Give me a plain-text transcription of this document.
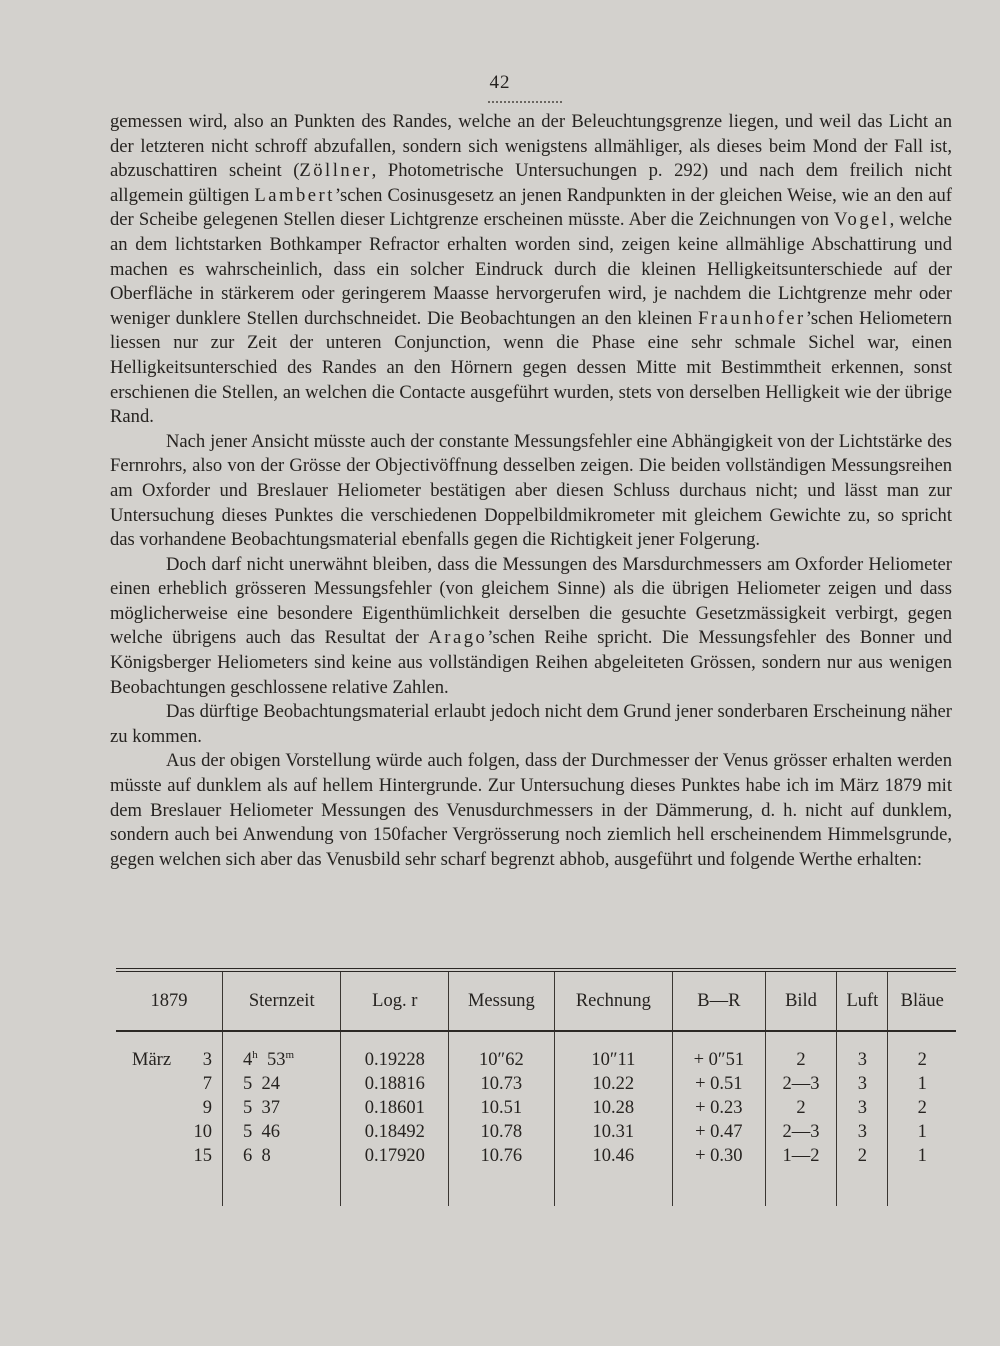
42

gemessen wird, also an Punkten des Randes, welche an der Beleuchtungsgrenze liegen, und weil das Licht an der letzteren nicht schroff abzufallen, sondern sich wenigstens allmähliger, als dieses beim Mond der Fall ist, abzuschattiren scheint (Zöllner, Photometrische Untersuchungen p. 292) und nach dem freilich nicht allgemein gültigen Lambert’schen Cosinusgesetz an jenen Randpunkten in der gleichen Weise, wie an den auf der Scheibe gelegenen Stellen dieser Lichtgrenze erscheinen müsste. Aber die Zeichnungen von Vogel, welche an dem lichtstarken Bothkamper Refractor erhalten worden sind, zeigen keine allmählige Abschattirung und machen es wahrscheinlich, dass ein solcher Eindruck durch die kleinen Helligkeitsunterschiede auf der Oberfläche in stärkerem oder geringerem Maasse hervorgerufen wird, je nachdem die Lichtgrenze mehr oder weniger dunklere Stellen durchschneidet. Die Beobachtungen an den kleinen Fraunhofer’schen Heliometern liessen nur zur Zeit der unteren Conjunction, wenn die Phase eine sehr schmale Sichel war, einen Helligkeitsunterschied des Randes an den Hörnern gegen dessen Mitte mit Bestimmtheit erkennen, sonst erschienen die Stellen, an welchen die Contacte ausgeführt wurden, stets von derselben Helligkeit wie der übrige Rand.

Nach jener Ansicht müsste auch der constante Messungsfehler eine Abhängigkeit von der Lichtstärke des Fernrohrs, also von der Grösse der Objectivöffnung desselben zeigen. Die beiden vollständigen Messungsreihen am Oxforder und Breslauer Heliometer bestätigen aber diesen Schluss durchaus nicht; und lässt man zur Untersuchung dieses Punktes die verschiedenen Doppelbildmikrometer mit gleichem Gewichte zu, so spricht das vorhandene Beobachtungsmaterial ebenfalls gegen die Richtigkeit jener Folgerung.

Doch darf nicht unerwähnt bleiben, dass die Messungen des Marsdurchmessers am Oxforder Heliometer einen erheblich grösseren Messungsfehler (von gleichem Sinne) als die übrigen Heliometer zeigen und dass möglicherweise eine besondere Eigenthümlichkeit derselben die gesuchte Gesetzmässigkeit verbirgt, gegen welche übrigens auch das Resultat der Arago’schen Reihe spricht. Die Messungsfehler des Bonner und Königsberger Heliometers sind keine aus vollständigen Reihen abgeleiteten Grössen, sondern nur aus wenigen Beobachtungen geschlossene relative Zahlen.

Das dürftige Beobachtungsmaterial erlaubt jedoch nicht dem Grund jener sonderbaren Erscheinung näher zu kommen.

Aus der obigen Vorstellung würde auch folgen, dass der Durchmesser der Venus grösser erhalten werden müsste auf dunklem als auf hellem Hintergrunde. Zur Untersuchung dieses Punktes habe ich im März 1879 mit dem Breslauer Heliometer Messungen des Venusdurchmessers in der Dämmerung, d. h. nicht auf dunklem, sondern auch bei Anwendung von 150facher Vergrösserung noch ziemlich hell erscheinendem Himmelsgrunde, gegen welchen sich aber das Venusbild sehr scharf begrenzt abhob, ausgeführt und folgende Werthe erhalten:

1879	Sternzeit	Log. r	Messung	Rechnung	B—R	Bild	Luft	Bläue

März 3	4$^h$  53$^m$	0.19228	10″62	10″11	+ 0″51	2	3	2

7	5  24	0.18816	10.73	10.22	+ 0.51	2—3	3	1

9	5  37	0.18601	10.51	10.28	+ 0.23	2	3	2

10	5  46	0.18492	10.78	10.31	+ 0.47	2—3	3	1

15	6  8	0.17920	10.76	10.46	+ 0.30	1—2	2	1
